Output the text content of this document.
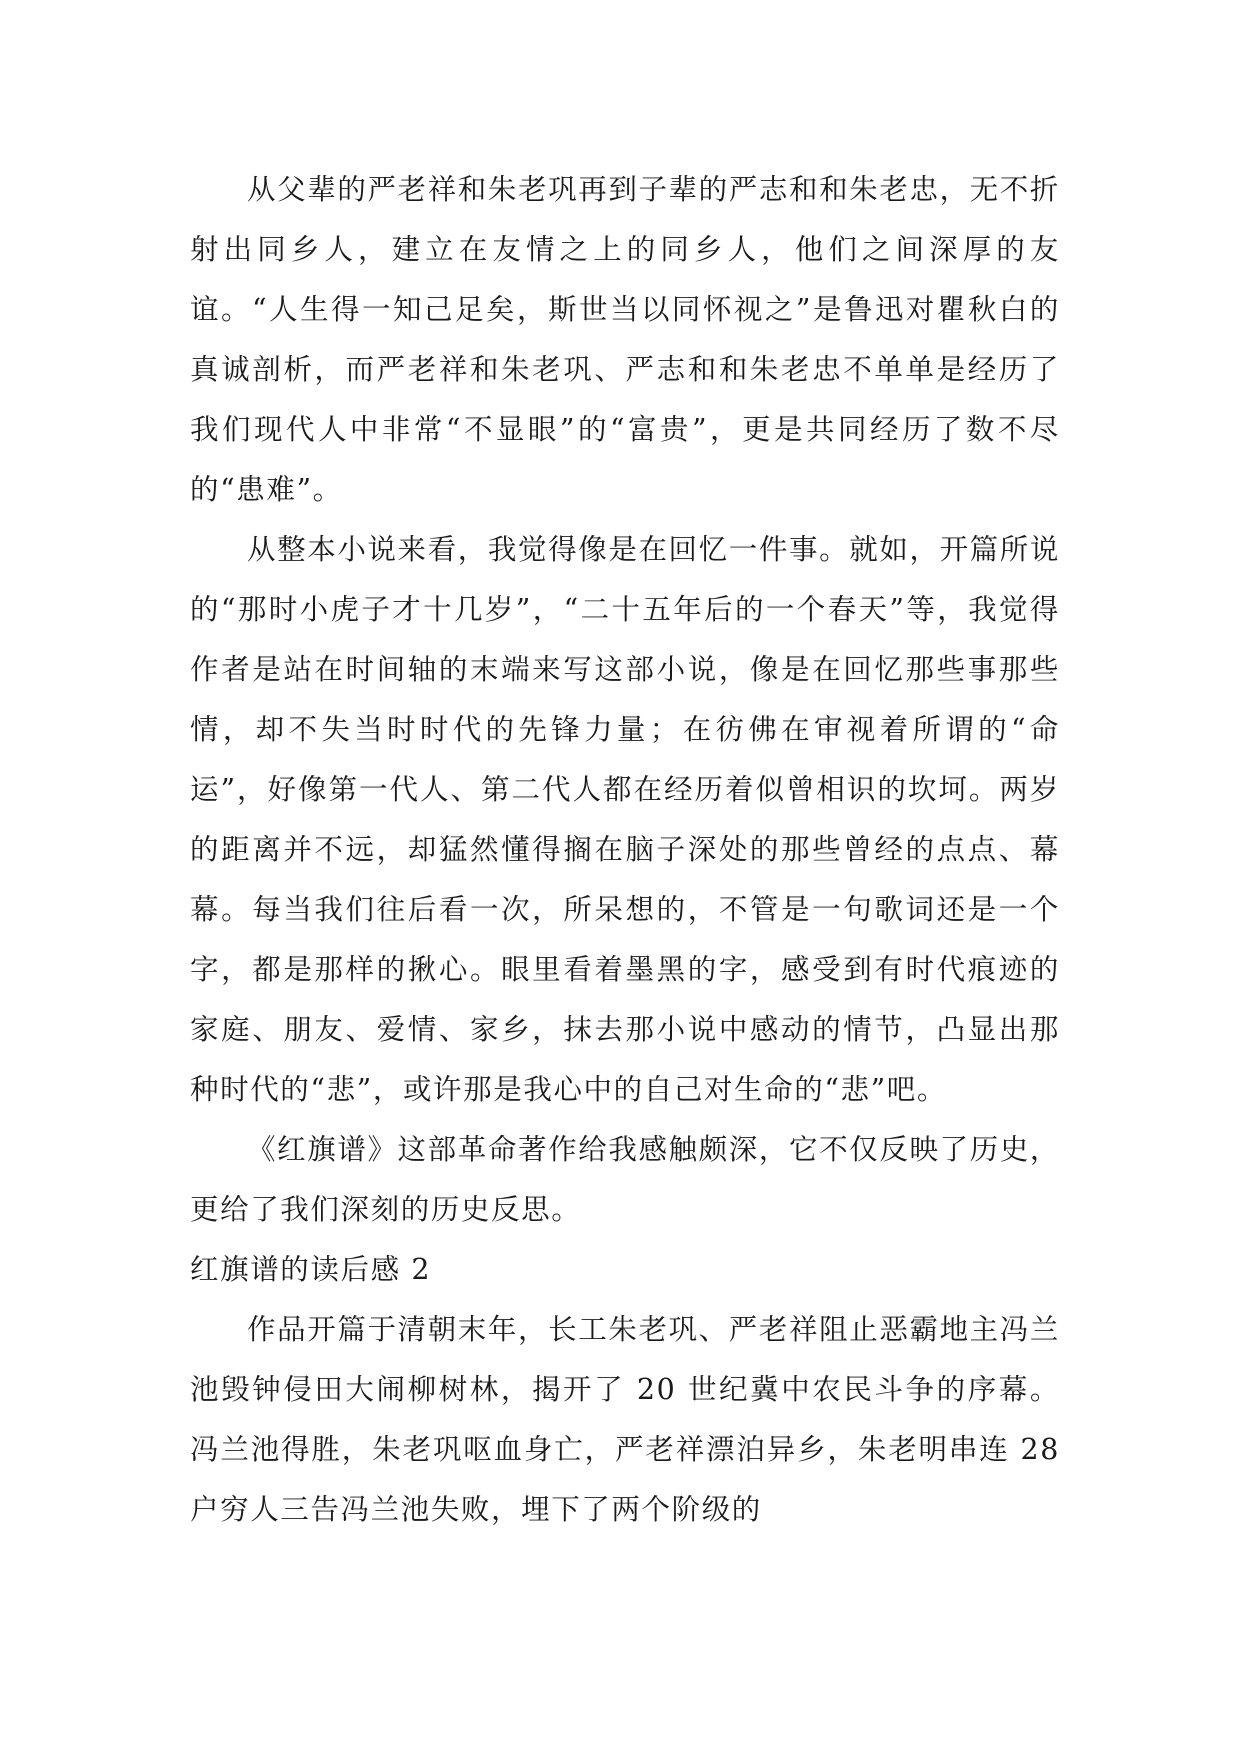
从父辈的严老祥和朱老巩再到子辈的严志和和朱老忠，无不折射出同乡人，建立在友情之上的同乡人，他们之间深厚的友谊。“人生得一知己足矣，斯世当以同怀视之”是鲁迅对瞿秋白的真诚剖析，而严老祥和朱老巩、严志和和朱老忠不单单是经历了我们现代人中非常“不显眼”的“富贵”，更是共同经历了数不尽的“患难”。

从整本小说来看，我觉得像是在回忆一件事。就如，开篇所说的“那时小虎子才十几岁”，“二十五年后的一个春天”等，我觉得作者是站在时间轴的末端来写这部小说，像是在回忆那些事那些情，却不失当时时代的先锋力量；在彷佛在审视着所谓的“命运”，好像第一代人、第二代人都在经历着似曾相识的坎坷。两岁的距离并不远，却猛然懂得搁在脑子深处的那些曾经的点点、幕幕。每当我们往后看一次，所呆想的，不管是一句歌词还是一个字，都是那样的揪心。眼里看着墨黑的字，感受到有时代痕迹的家庭、朋友、爱情、家乡，抹去那小说中感动的情节，凸显出那种时代的“悲”，或许那是我心中的自己对生命的“悲”吧。

《红旗谱》这部革命著作给我感触颇深，它不仅反映了历史，更给了我们深刻的历史反思。

红旗谱的读后感 2

作品开篇于清朝末年，长工朱老巩、严老祥阻止恶霸地主冯兰池毁钟侵田大闹柳树林，揭开了 20 世纪冀中农民斗争的序幕。冯兰池得胜，朱老巩呕血身亡，严老祥漂泊异乡，朱老明串连 28 户穷人三告冯兰池失败，埋下了两个阶级的
